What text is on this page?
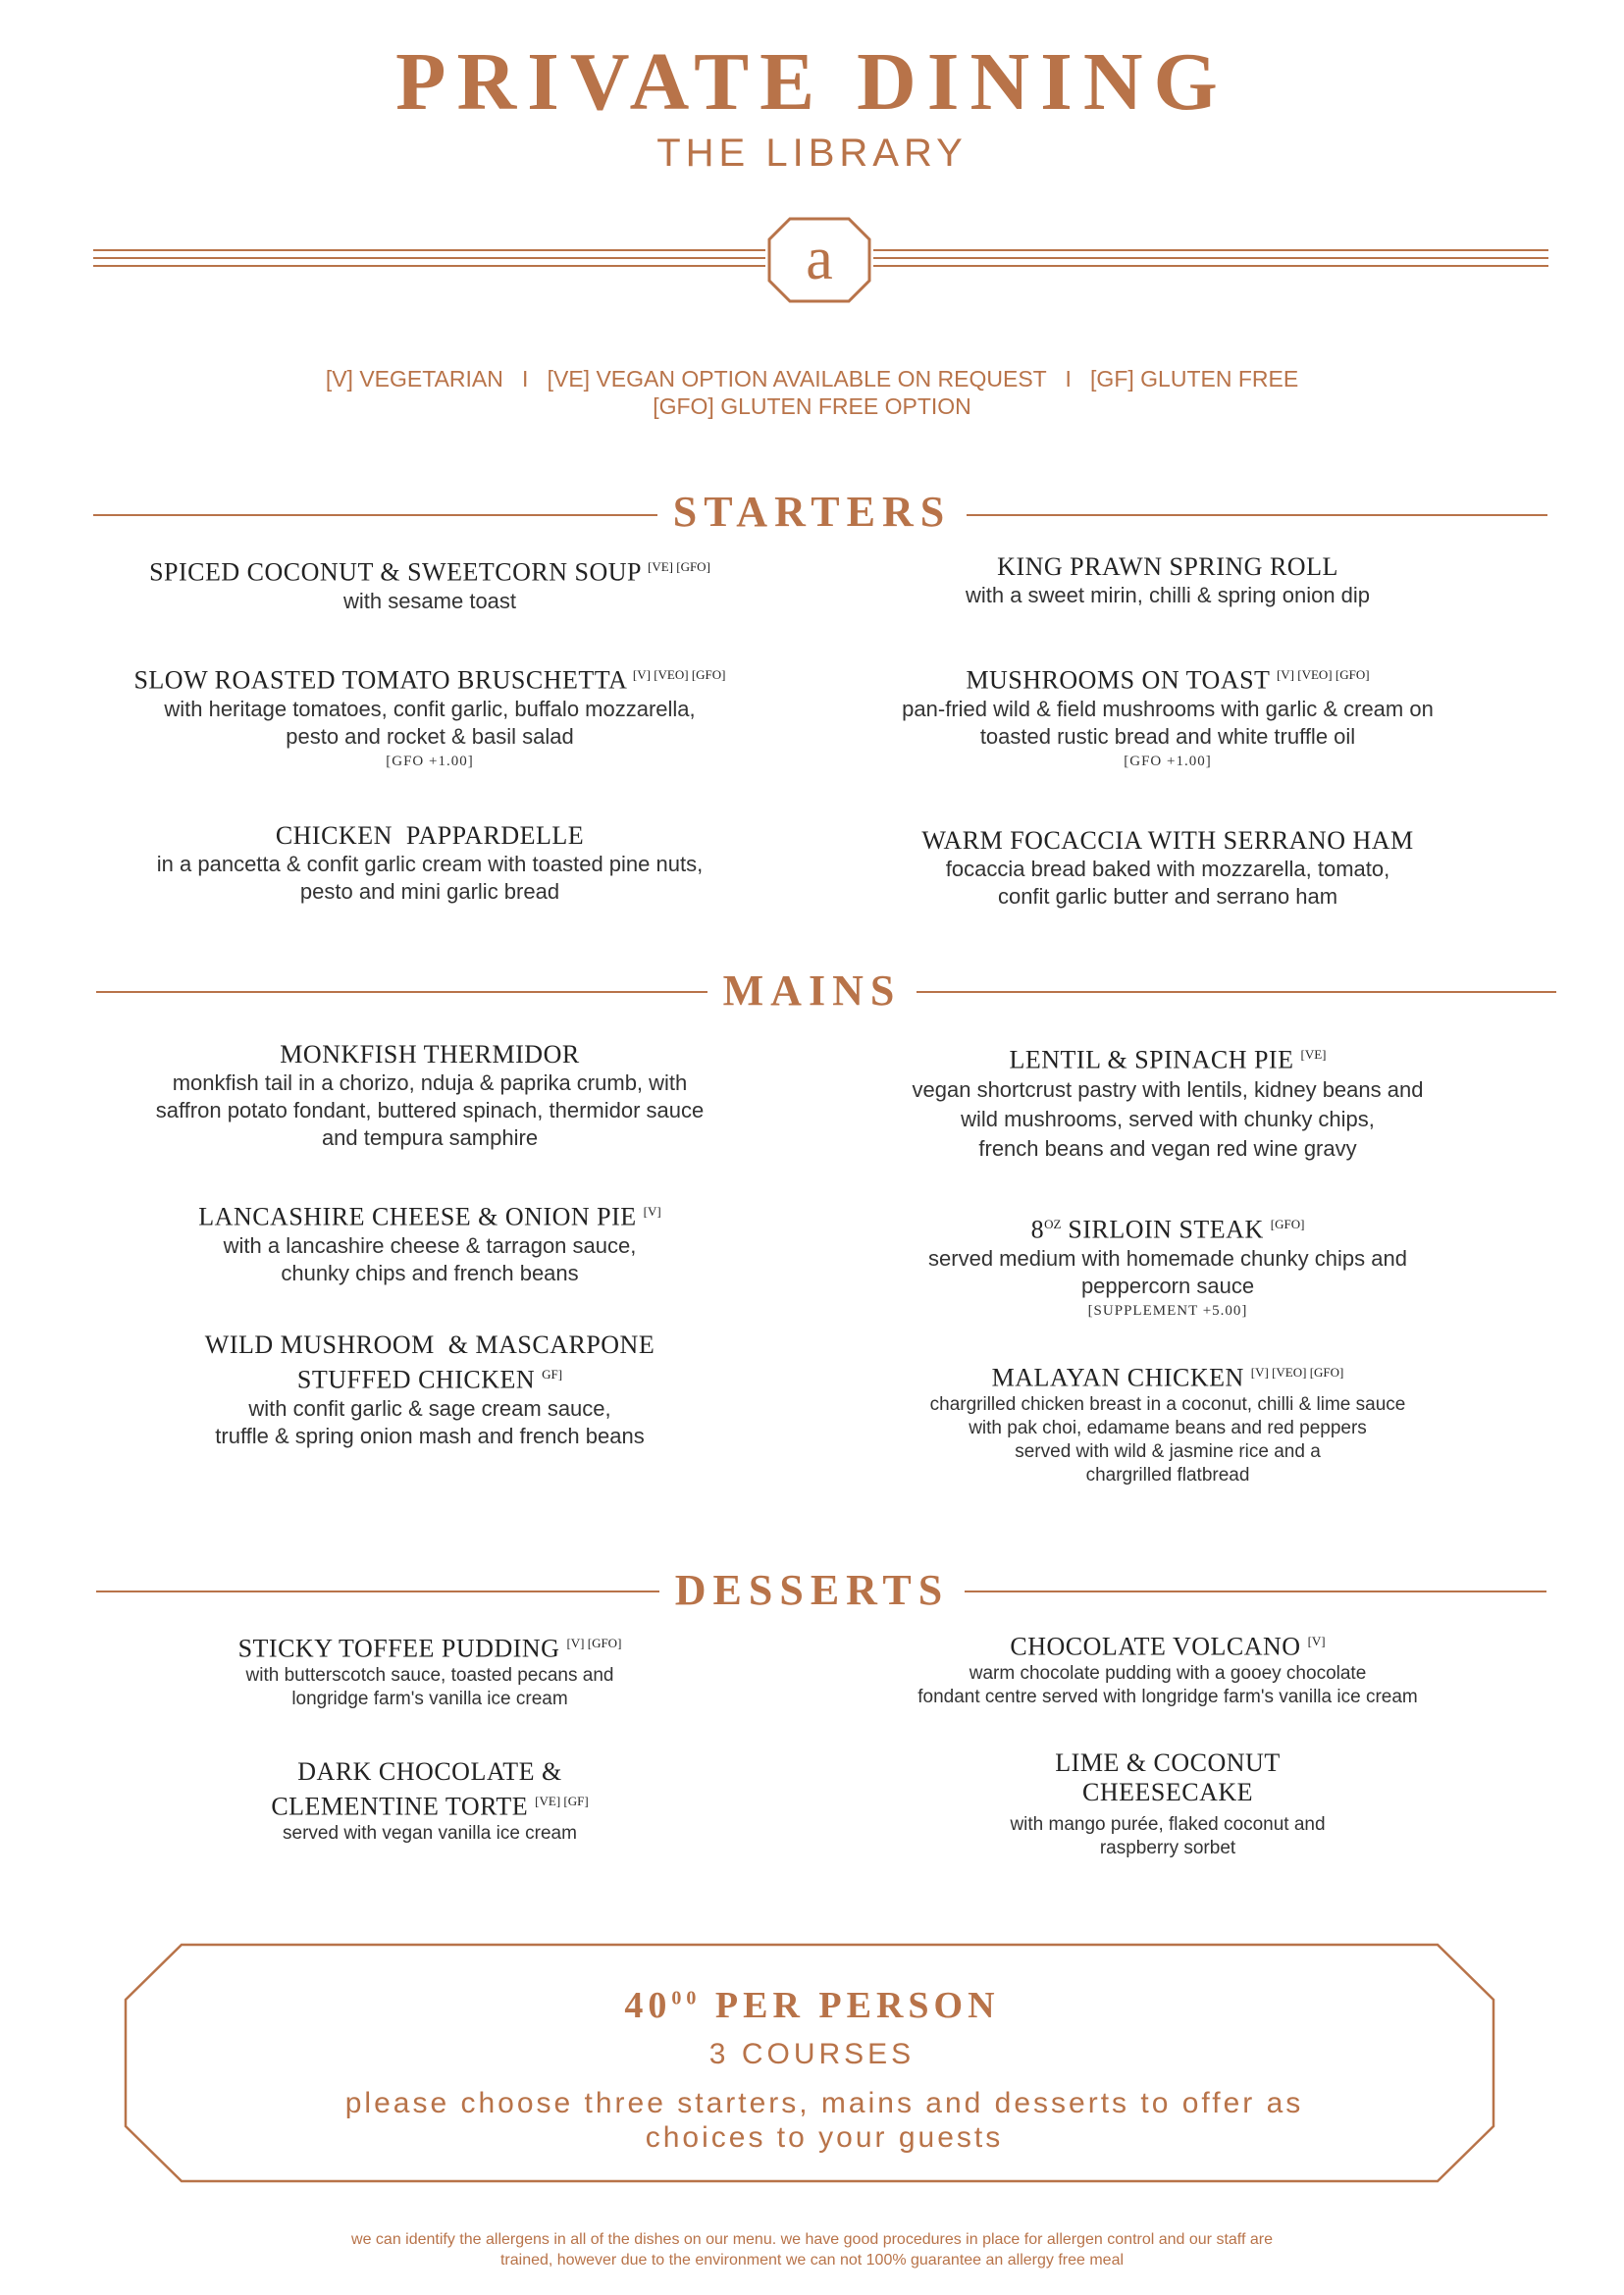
PRIVATE DINING
THE LIBRARY
a
[V] VEGETARIAN   I   [VE] VEGAN OPTION AVAILABLE ON REQUEST   I   [GF] GLUTEN FREE
[GFO] GLUTEN FREE OPTION
STARTERS
SPICED COCONUT & SWEETCORN SOUP [VE] [GFO]
with sesame toast
KING PRAWN SPRING ROLL
with a sweet mirin, chilli & spring onion dip
SLOW ROASTED TOMATO BRUSCHETTA [V] [VEO] [GFO]
with heritage tomatoes, confit garlic, buffalo mozzarella,
pesto and rocket & basil salad
[GFO +1.00]
MUSHROOMS ON TOAST [V] [VEO] [GFO]
pan-fried wild & field mushrooms with garlic & cream on
toasted rustic bread and white truffle oil
[GFO +1.00]
CHICKEN  PAPPARDELLE
in a pancetta & confit garlic cream with toasted pine nuts,
pesto and mini garlic bread
WARM FOCACCIA WITH SERRANO HAM
focaccia bread baked with mozzarella, tomato,
confit garlic butter and serrano ham
MAINS
MONKFISH THERMIDOR
monkfish tail in a chorizo, nduja & paprika crumb, with
saffron potato fondant, buttered spinach, thermidor sauce
and tempura samphire
LENTIL & SPINACH PIE [VE]
vegan shortcrust pastry with lentils, kidney beans and
wild mushrooms, served with chunky chips,
french beans and vegan red wine gravy
LANCASHIRE CHEESE & ONION PIE [V]
with a lancashire cheese & tarragon sauce,
chunky chips and french beans
$8^{OZ}$ SIRLOIN STEAK [GFO]
served medium with homemade chunky chips and
peppercorn sauce
[SUPPLEMENT +5.00]
WILD MUSHROOM  & MASCARPONE
STUFFED CHICKEN $^{GF]}$
with confit garlic & sage cream sauce,
truffle & spring onion mash and french beans
MALAYAN CHICKEN [V] [VEO] [GFO]
chargrilled chicken breast in a coconut, chilli & lime sauce
with pak choi, edamame beans and red peppers
served with wild & jasmine rice and a
chargrilled flatbread
DESSERTS
STICKY TOFFEE PUDDING [V] [GFO]
with butterscotch sauce, toasted pecans and
longridge farm's vanilla ice cream
CHOCOLATE VOLCANO [V]
warm chocolate pudding with a gooey chocolate
fondant centre served with longridge farm's vanilla ice cream
DARK CHOCOLATE &
CLEMENTINE TORTE [VE] [GF]
served with vegan vanilla ice cream
LIME & COCONUT
CHEESECAKE
with mango purée, flaked coconut and
raspberry sorbet
$40^{00}$ PER PERSON
3 COURSES
please choose three starters, mains and desserts to offer as
choices to your guests
we can identify the allergens in all of the dishes on our menu. we have good procedures in place for allergen control and our staff are
trained, however due to the environment we can not 100% guarantee an allergy free meal
